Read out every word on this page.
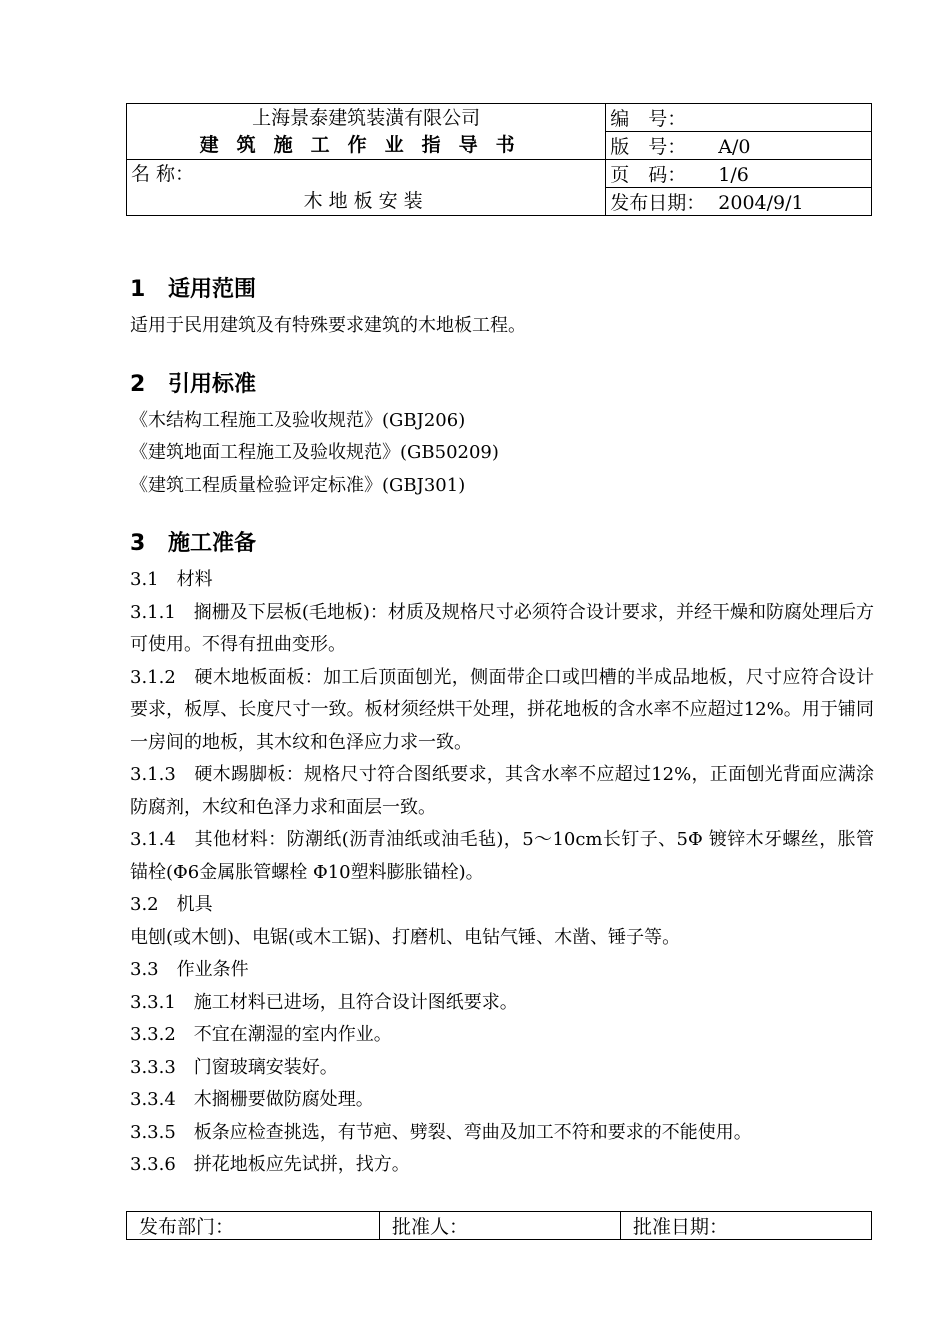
上海景泰建筑装潢有限公司	编　号：
建筑施工作业指导书	版　号： A/0
名 称：	页　码： 1/6
木地板安装	发布日期： 2004/9/1
1 适用范围

适用于民用建筑及有特殊要求建筑的木地板工程。

2 引用标准

《木结构工程施工及验收规范》(GBJ206)

《建筑地面工程施工及验收规范》(GB50209)

《建筑工程质量检验评定标准》(GBJ301)

3 施工准备

3.1　材料

3.1.1　搁栅及下层板(毛地板)：材质及规格尺寸必须符合设计要求，并经干燥和防腐处理后方可使用。不得有扭曲变形。

3.1.2　硬木地板面板：加工后顶面刨光，侧面带企口或凹槽的半成品地板，尺寸应符合设计要求，板厚、长度尺寸一致。板材须经烘干处理，拼花地板的含水率不应超过12%。用于铺同一房间的地板，其木纹和色泽应力求一致。

3.1.3　硬木踢脚板：规格尺寸符合图纸要求，其含水率不应超过12%，正面刨光背面应满涂防腐剂，木纹和色泽力求和面层一致。

3.1.4　其他材料：防潮纸(沥青油纸或油毛毡)，5～10cm长钉子、5Φ 镀锌木牙螺丝，胀管锚栓(Φ6金属胀管螺栓 Φ10塑料膨胀锚栓)。

3.2　机具

电刨(或木刨)、电锯(或木工锯)、打磨机、电钻气锤、木凿、锤子等。

3.3　作业条件

3.3.1　施工材料已进场，且符合设计图纸要求。

3.3.2　不宜在潮湿的室内作业。

3.3.3　门窗玻璃安装好。

3.3.4　木搁栅要做防腐处理。

3.3.5　板条应检查挑选，有节疤、劈裂、弯曲及加工不符和要求的不能使用。

3.3.6　拼花地板应先试拼，找方。

发布部门：	批准人：	批准日期：
